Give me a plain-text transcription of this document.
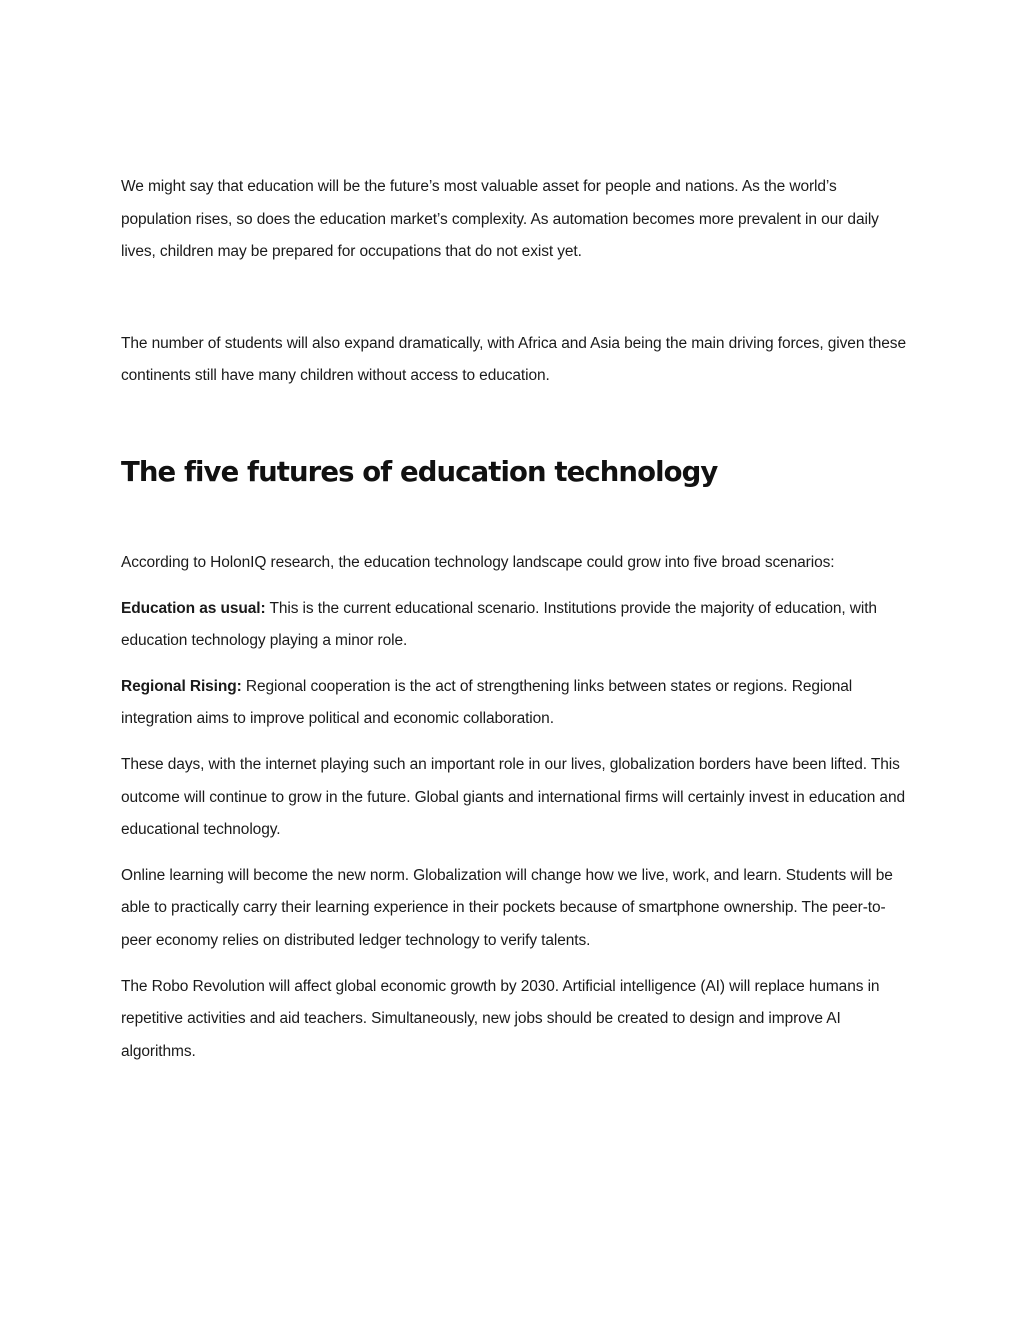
We might say that education will be the future’s most valuable asset for people and nations. As the world’s population rises, so does the education market’s complexity. As automation becomes more prevalent in our daily lives, children may be prepared for occupations that do not exist yet.

The number of students will also expand dramatically, with Africa and Asia being the main driving forces, given these continents still have many children without access to education.

The five futures of education technology

According to HolonIQ research, the education technology landscape could grow into five broad scenarios:

Education as usual: This is the current educational scenario. Institutions provide the majority of education, with education technology playing a minor role.

Regional Rising: Regional cooperation is the act of strengthening links between states or regions. Regional integration aims to improve political and economic collaboration.

These days, with the internet playing such an important role in our lives, globalization borders have been lifted. This outcome will continue to grow in the future. Global giants and international firms will certainly invest in education and educational technology.

Online learning will become the new norm. Globalization will change how we live, work, and learn. Students will be able to practically carry their learning experience in their pockets because of smartphone ownership. The peer-to-peer economy relies on distributed ledger technology to verify talents.

The Robo Revolution will affect global economic growth by 2030. Artificial intelligence (AI) will replace humans in repetitive activities and aid teachers. Simultaneously, new jobs should be created to design and improve AI algorithms.
